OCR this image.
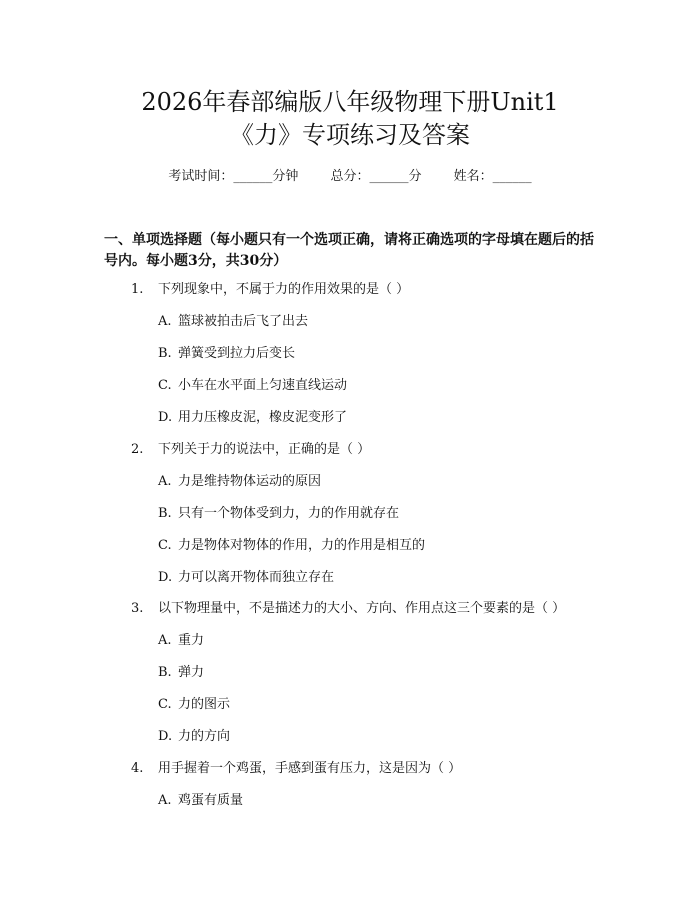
2026年春部编版八年级物理下册Unit1
《力》专项练习及答案
考试时间：______分钟 总分：______分 姓名：______
一、单项选择题（每小题只有一个选项正确，请将正确选项的字母填在题后的括号内。每小题3分，共30分）
1. 下列现象中，不属于力的作用效果的是（ ）
A. 篮球被拍击后飞了出去
B. 弹簧受到拉力后变长
C. 小车在水平面上匀速直线运动
D. 用力压橡皮泥，橡皮泥变形了
2. 下列关于力的说法中，正确的是（ ）
A. 力是维持物体运动的原因
B. 只有一个物体受到力，力的作用就存在
C. 力是物体对物体的作用，力的作用是相互的
D. 力可以离开物体而独立存在
3. 以下物理量中，不是描述力的大小、方向、作用点这三个要素的是（ ）
A. 重力
B. 弹力
C. 力的图示
D. 力的方向
4. 用手握着一个鸡蛋，手感到蛋有压力，这是因为（ ）
A. 鸡蛋有质量
